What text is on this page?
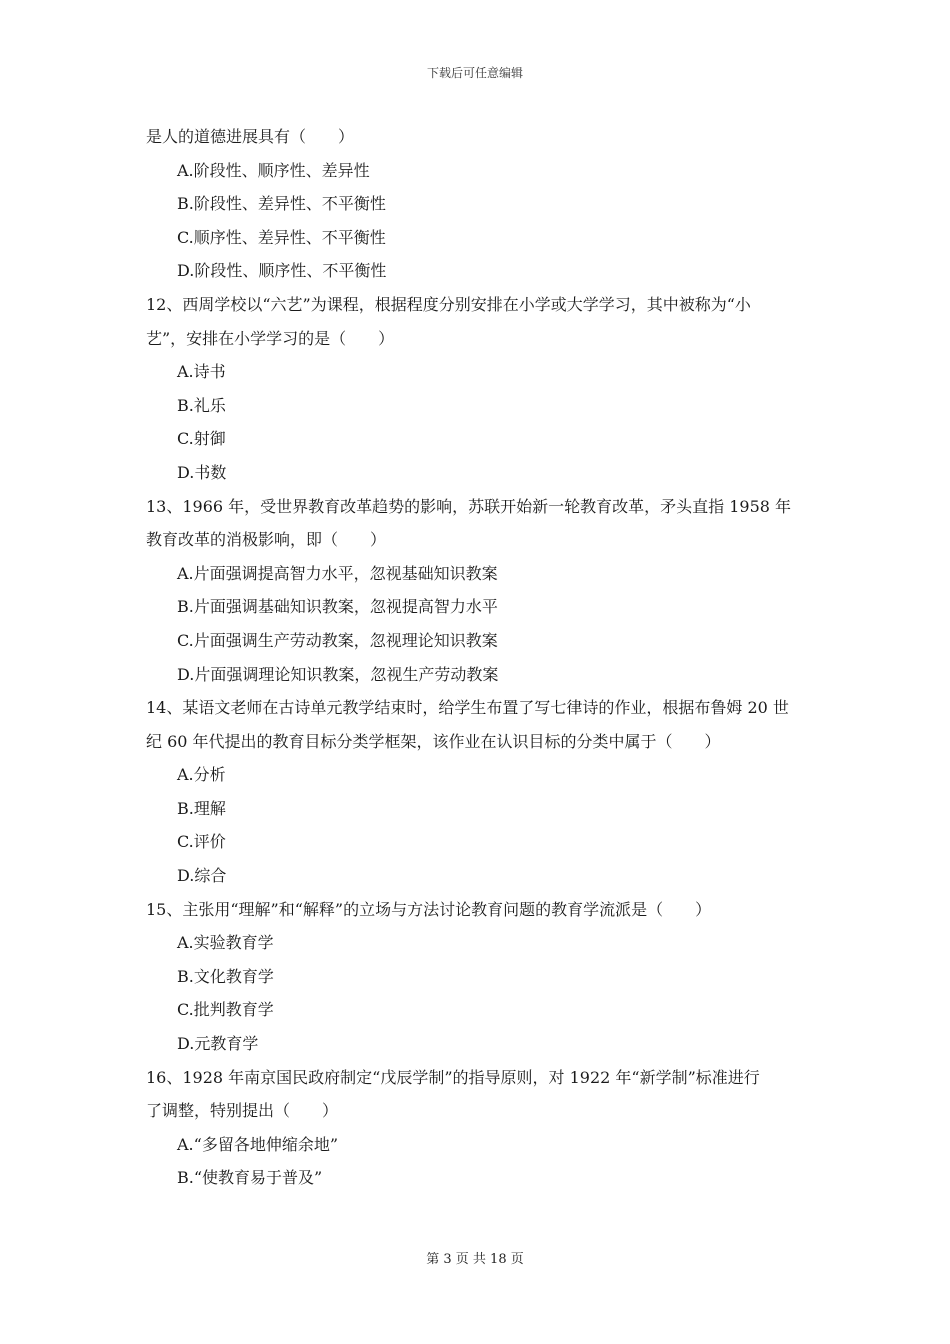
下载后可任意编辑
是人的道德进展具有（　　）
A.阶段性、顺序性、差异性
B.阶段性、差异性、不平衡性
C.顺序性、差异性、不平衡性
D.阶段性、顺序性、不平衡性
12、西周学校以“六艺”为课程，根据程度分别安排在小学或大学学习，其中被称为“小
艺”，安排在小学学习的是（　　）
A.诗书
B.礼乐
C.射御
D.书数
13、1966 年，受世界教育改革趋势的影响，苏联开始新一轮教育改革，矛头直指 1958 年
教育改革的消极影响，即（　　）
A.片面强调提高智力水平，忽视基础知识教案
B.片面强调基础知识教案，忽视提高智力水平
C.片面强调生产劳动教案，忽视理论知识教案
D.片面强调理论知识教案，忽视生产劳动教案
14、某语文老师在古诗单元教学结束时，给学生布置了写七律诗的作业，根据布鲁姆 20 世
纪 60 年代提出的教育目标分类学框架，该作业在认识目标的分类中属于（　　）
A.分析
B.理解
C.评价
D.综合
15、主张用“理解”和“解释”的立场与方法讨论教育问题的教育学流派是（　　）
A.实验教育学
B.文化教育学
C.批判教育学
D.元教育学
16、1928 年南京国民政府制定“戊辰学制”的指导原则，对 1922 年“新学制”标准进行
了调整，特别提出（　　）
A.“多留各地伸缩余地”
B.“使教育易于普及”
第 3 页 共 18 页
